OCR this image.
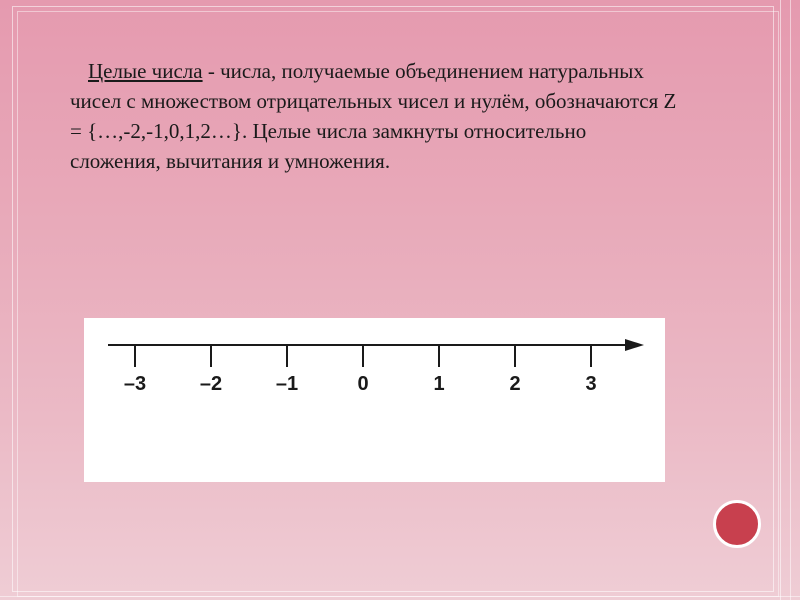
Целые числа - числа, получаемые объединением натуральных чисел с множеством отрицательных чисел и нулём, обозначаются Z = {…,-2,-1,0,1,2…}. Целые числа замкнуты относительно сложения, вычитания и умножения.
–3	–2	–1	0	1	2	3
